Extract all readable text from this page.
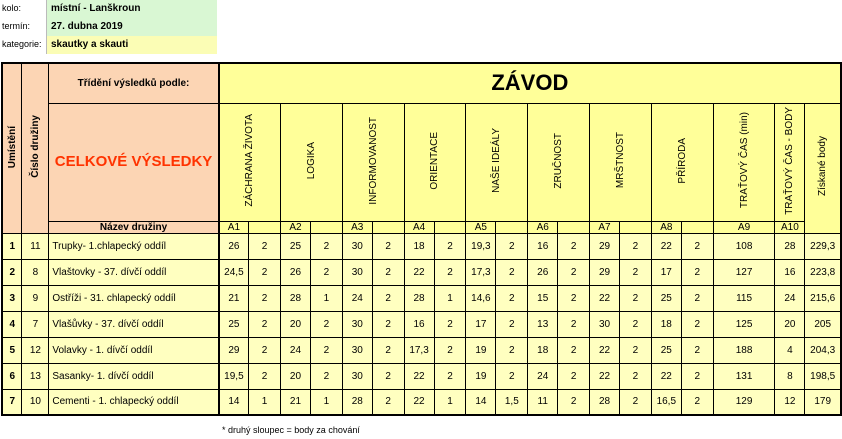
kolo:	místní - Lanškroun
termín:	27. dubna 2019
kategorie: skautky a skauti
Umístění	Číslo družiny	Třídění výsledků podle:	ZÁVOD																		

		CELKOVÉ VÝSLEDKY	ZÁCHRANA ŽIVOTA		LOGIKA		INFORMOVANOST		ORIENTACE		NAŠE IDEÁLY		ZRUČNOST		MRŠTNOST		PŘÍRODA		TRAŤOVÝ ČAS (min)	TRAŤOVÝ ČAS - BODY	Získané body
		Název družiny	A1		A2		A3		A4		A5		A6		A7		A8		A9	A10	
1	11	Trupky- 1.chlapecký oddíl	26	2	25	2	30	2	18	2	19,3	2	16	2	29	2	22	2	108	28	229,3
2	8	Vlaštovky - 37. dívčí oddíl	24,5	2	26	2	30	2	22	2	17,3	2	26	2	29	2	17	2	127	16	223,8
3	9	Ostříži - 31. chlapecký oddíl	21	2	28	1	24	2	28	1	14,6	2	15	2	22	2	25	2	115	24	215,6
4	7	Vlašůvky - 37. dívčí oddíl	25	2	20	2	30	2	16	2	17	2	13	2	30	2	18	2	125	20	205
5	12	Volavky - 1. dívčí oddíl	29	2	24	2	30	2	17,3	2	19	2	18	2	22	2	25	2	188	4	204,3
6	13	Sasanky- 1. dívčí oddíl	19,5	2	20	2	30	2	22	2	19	2	24	2	22	2	22	2	131	8	198,5
7	10	Cementi - 1. chlapecký oddíl	14	1	21	1	28	2	22	1	14	1,5	11	2	28	2	16,5	2	129	12	179
* druhý sloupec = body za chování
